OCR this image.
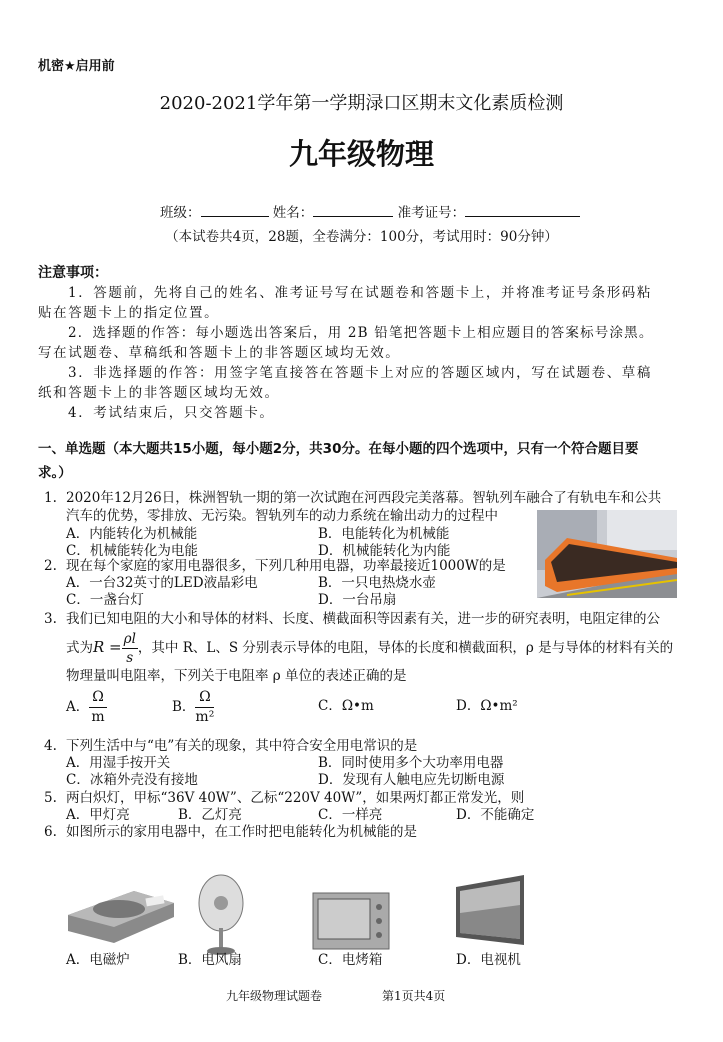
机密★启用前
2020-2021学年第一学期渌口区期末文化素质检测
九年级物理
班级：	姓名：	准考证号：
（本试卷共4页，28题，全卷满分：100分，考试用时：90分钟）
注意事项：
1．答题前，先将自己的姓名、准考证号写在试题卷和答题卡上，并将准考证号条形码粘
贴在答题卡上的指定位置。
2．选择题的作答：每小题选出答案后，用 2B 铅笔把答题卡上相应题目的答案标号涂黑。
写在试题卷、草稿纸和答题卡上的非答题区域均无效。
3．非选择题的作答：用签字笔直接答在答题卡上对应的答题区域内，写在试题卷、草稿
纸和答题卡上的非答题区域均无效。
4．考试结束后，只交答题卡。
一、单选题（本大题共15小题，每小题2分，共30分。在每小题的四个选项中，只有一个符合题目要
求。）
1. 2020年12月26日，株洲智轨一期的第一次试跑在河西段完美落幕。智轨列车融合了有轨电车和公共
汽车的优势，零排放、无污染。智轨列车的动力系统在输出动力的过程中
A．内能转化为机械能	B．电能转化为机械能
C．机械能转化为电能	D．机械能转化为内能
2. 现在每个家庭的家用电器很多，下列几种用电器，功率最接近1000W的是
A．一台32英寸的LED液晶彩电	B．一只电热烧水壶
C．一盏台灯	D．一台吊扇
3. 我们已知电阻的大小和导体的材料、长度、横截面积等因素有关，进一步的研究表明，电阻定律的公
式为$R = \frac{\rho l}{s}$ ，其中 R、L、S 分别表示导体的电阻，导体的长度和横截面积，ρ 是与导体的材料有关的
物理量叫电阻率，下列关于电阻率 ρ 单位的表述正确的是
A． $\frac{\Omega}{m}$	B． $\frac{\Omega}{\text{m²}}$	C．Ω•m	D．Ω•m²
4. 下列生活中与“电”有关的现象，其中符合安全用电常识的是
A．用湿手按开关	B．同时使用多个大功率用电器
C．冰箱外壳没有接地	D．发现有人触电应先切断电源
5. 两白炽灯，甲标“36V 40W”、乙标“220V 40W”，如果两灯都正常发光，则
A．甲灯亮	B．乙灯亮	C．一样亮	D．不能确定
6. 如图所示的家用电器中，在工作时把电能转化为机械能的是
A．电磁炉	B．电风扇	C．电烤箱	D．电视机
九年级物理试题卷	第1页共4页
